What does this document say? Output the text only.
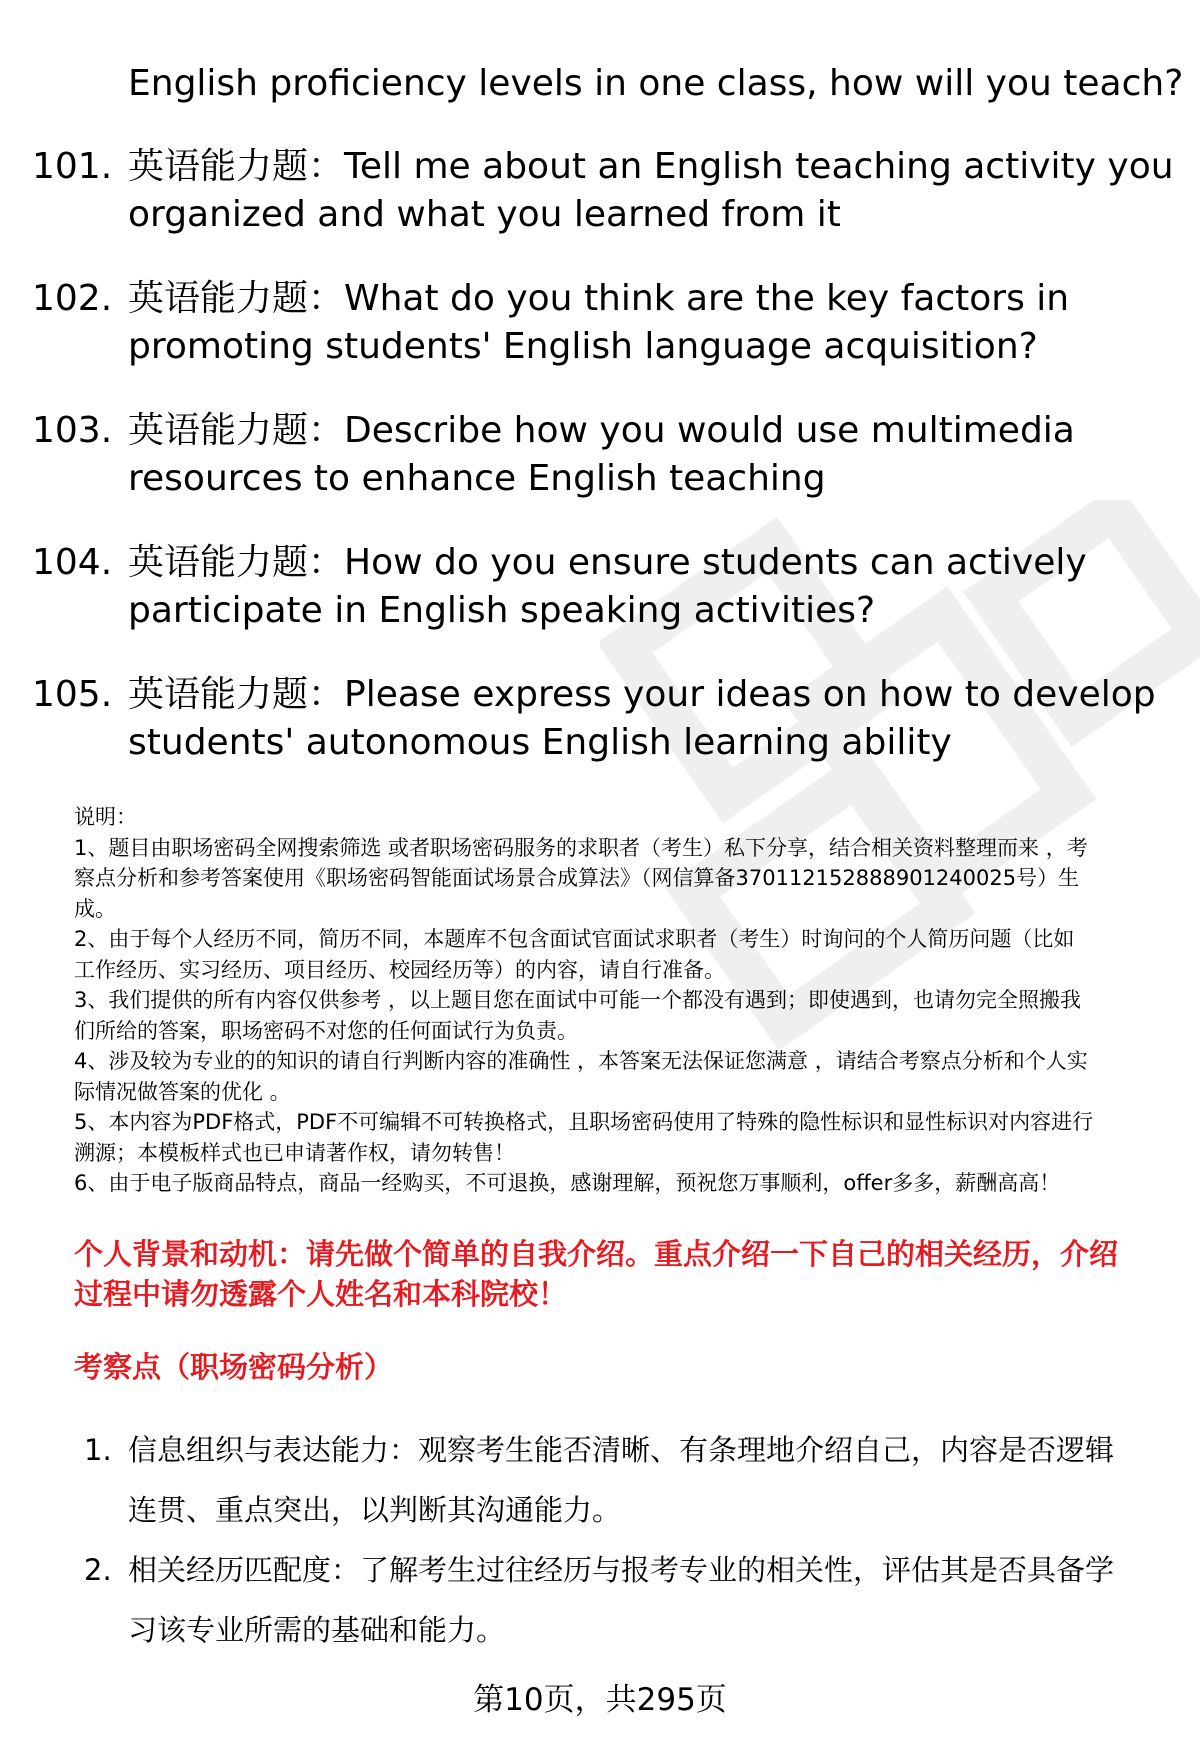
English proficiency levels in one class, how will you teach?
101. 英语能力题：Tell me about an English teaching activity you
organized and what you learned from it
102. 英语能力题：What do you think are the key factors in
promoting students' English language acquisition?
103. 英语能力题：Describe how you would use multimedia
resources to enhance English teaching
104. 英语能力题：How do you ensure students can actively
participate in English speaking activities?
105. 英语能力题：Please express your ideas on how to develop
students' autonomous English learning ability

说明：

1、题目由职场密码全网搜索筛选 或者职场密码服务的求职者（考生）私下分享，结合相关资料整理而来 ，考

察点分析和参考答案使用《职场密码智能面试场景合成算法》（网信算备370112152888901240025号）生

成。

2、由于每个人经历不同，简历不同，本题库不包含面试官面试求职者（考生）时询问的个人简历问题（比如

工作经历、实习经历、项目经历、校园经历等）的内容，请自行准备。

3、我们提供的所有内容仅供参考 ，以上题目您在面试中可能一个都没有遇到；即使遇到，也请勿完全照搬我

们所给的答案，职场密码不对您的任何面试行为负责。

4、涉及较为专业的的知识的请自行判断内容的准确性 ，本答案无法保证您满意 ，请结合考察点分析和个人实

际情况做答案的优化 。

5、本内容为PDF格式，PDF不可编辑不可转换格式，且职场密码使用了特殊的隐性标识和显性标识对内容进行

溯源；本模板样式也已申请著作权，请勿转售！

6、由于电子版商品特点，商品一经购买，不可退换，感谢理解，预祝您万事顺利，offer多多，薪酬高高！

个人背景和动机：请先做个简单的自我介绍。重点介绍一下自己的相关经历，介绍
过程中请勿透露个人姓名和本科院校！
考察点（职场密码分析）
1. 信息组织与表达能力：观察考生能否清晰、有条理地介绍自己，内容是否逻辑
连贯、重点突出，以判断其沟通能力。
2. 相关经历匹配度：了解考生过往经历与报考专业的相关性，评估其是否具备学
习该专业所需的基础和能力。
第10页，共295页
